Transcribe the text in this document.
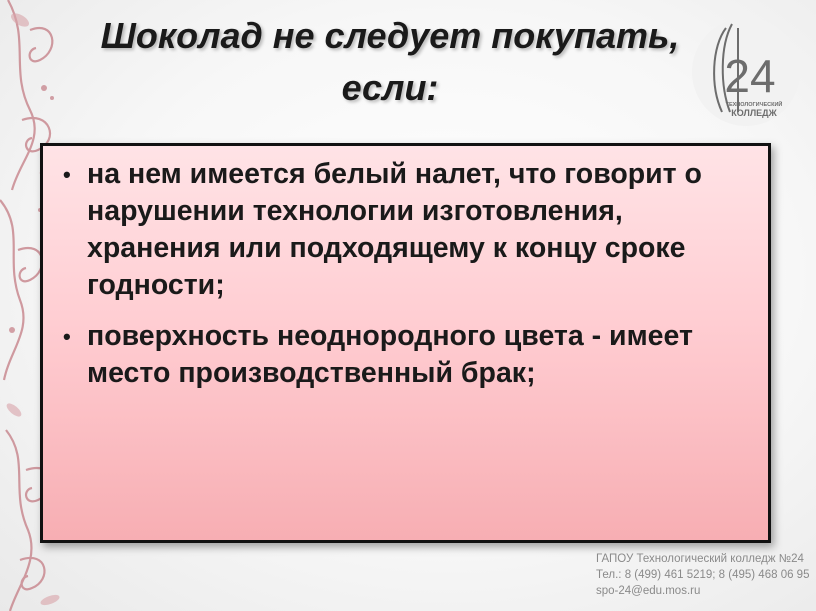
Шоколад не следует покупать,
если:	24
ТЕХНОЛОГИЧЕСКИЙ
КОЛЛЕДЖ
• на нем имеется белый налет, что говорит о нарушении технологии изготовления, хранения или подходящему к концу сроке годности;
• поверхность неоднородного цвета - имеет место производственный брак;
ГАПОУ Технологический колледж №24
Тел.: 8 (499) 461 5219; 8 (495) 468 06 95
spo-24@edu.mos.ru
